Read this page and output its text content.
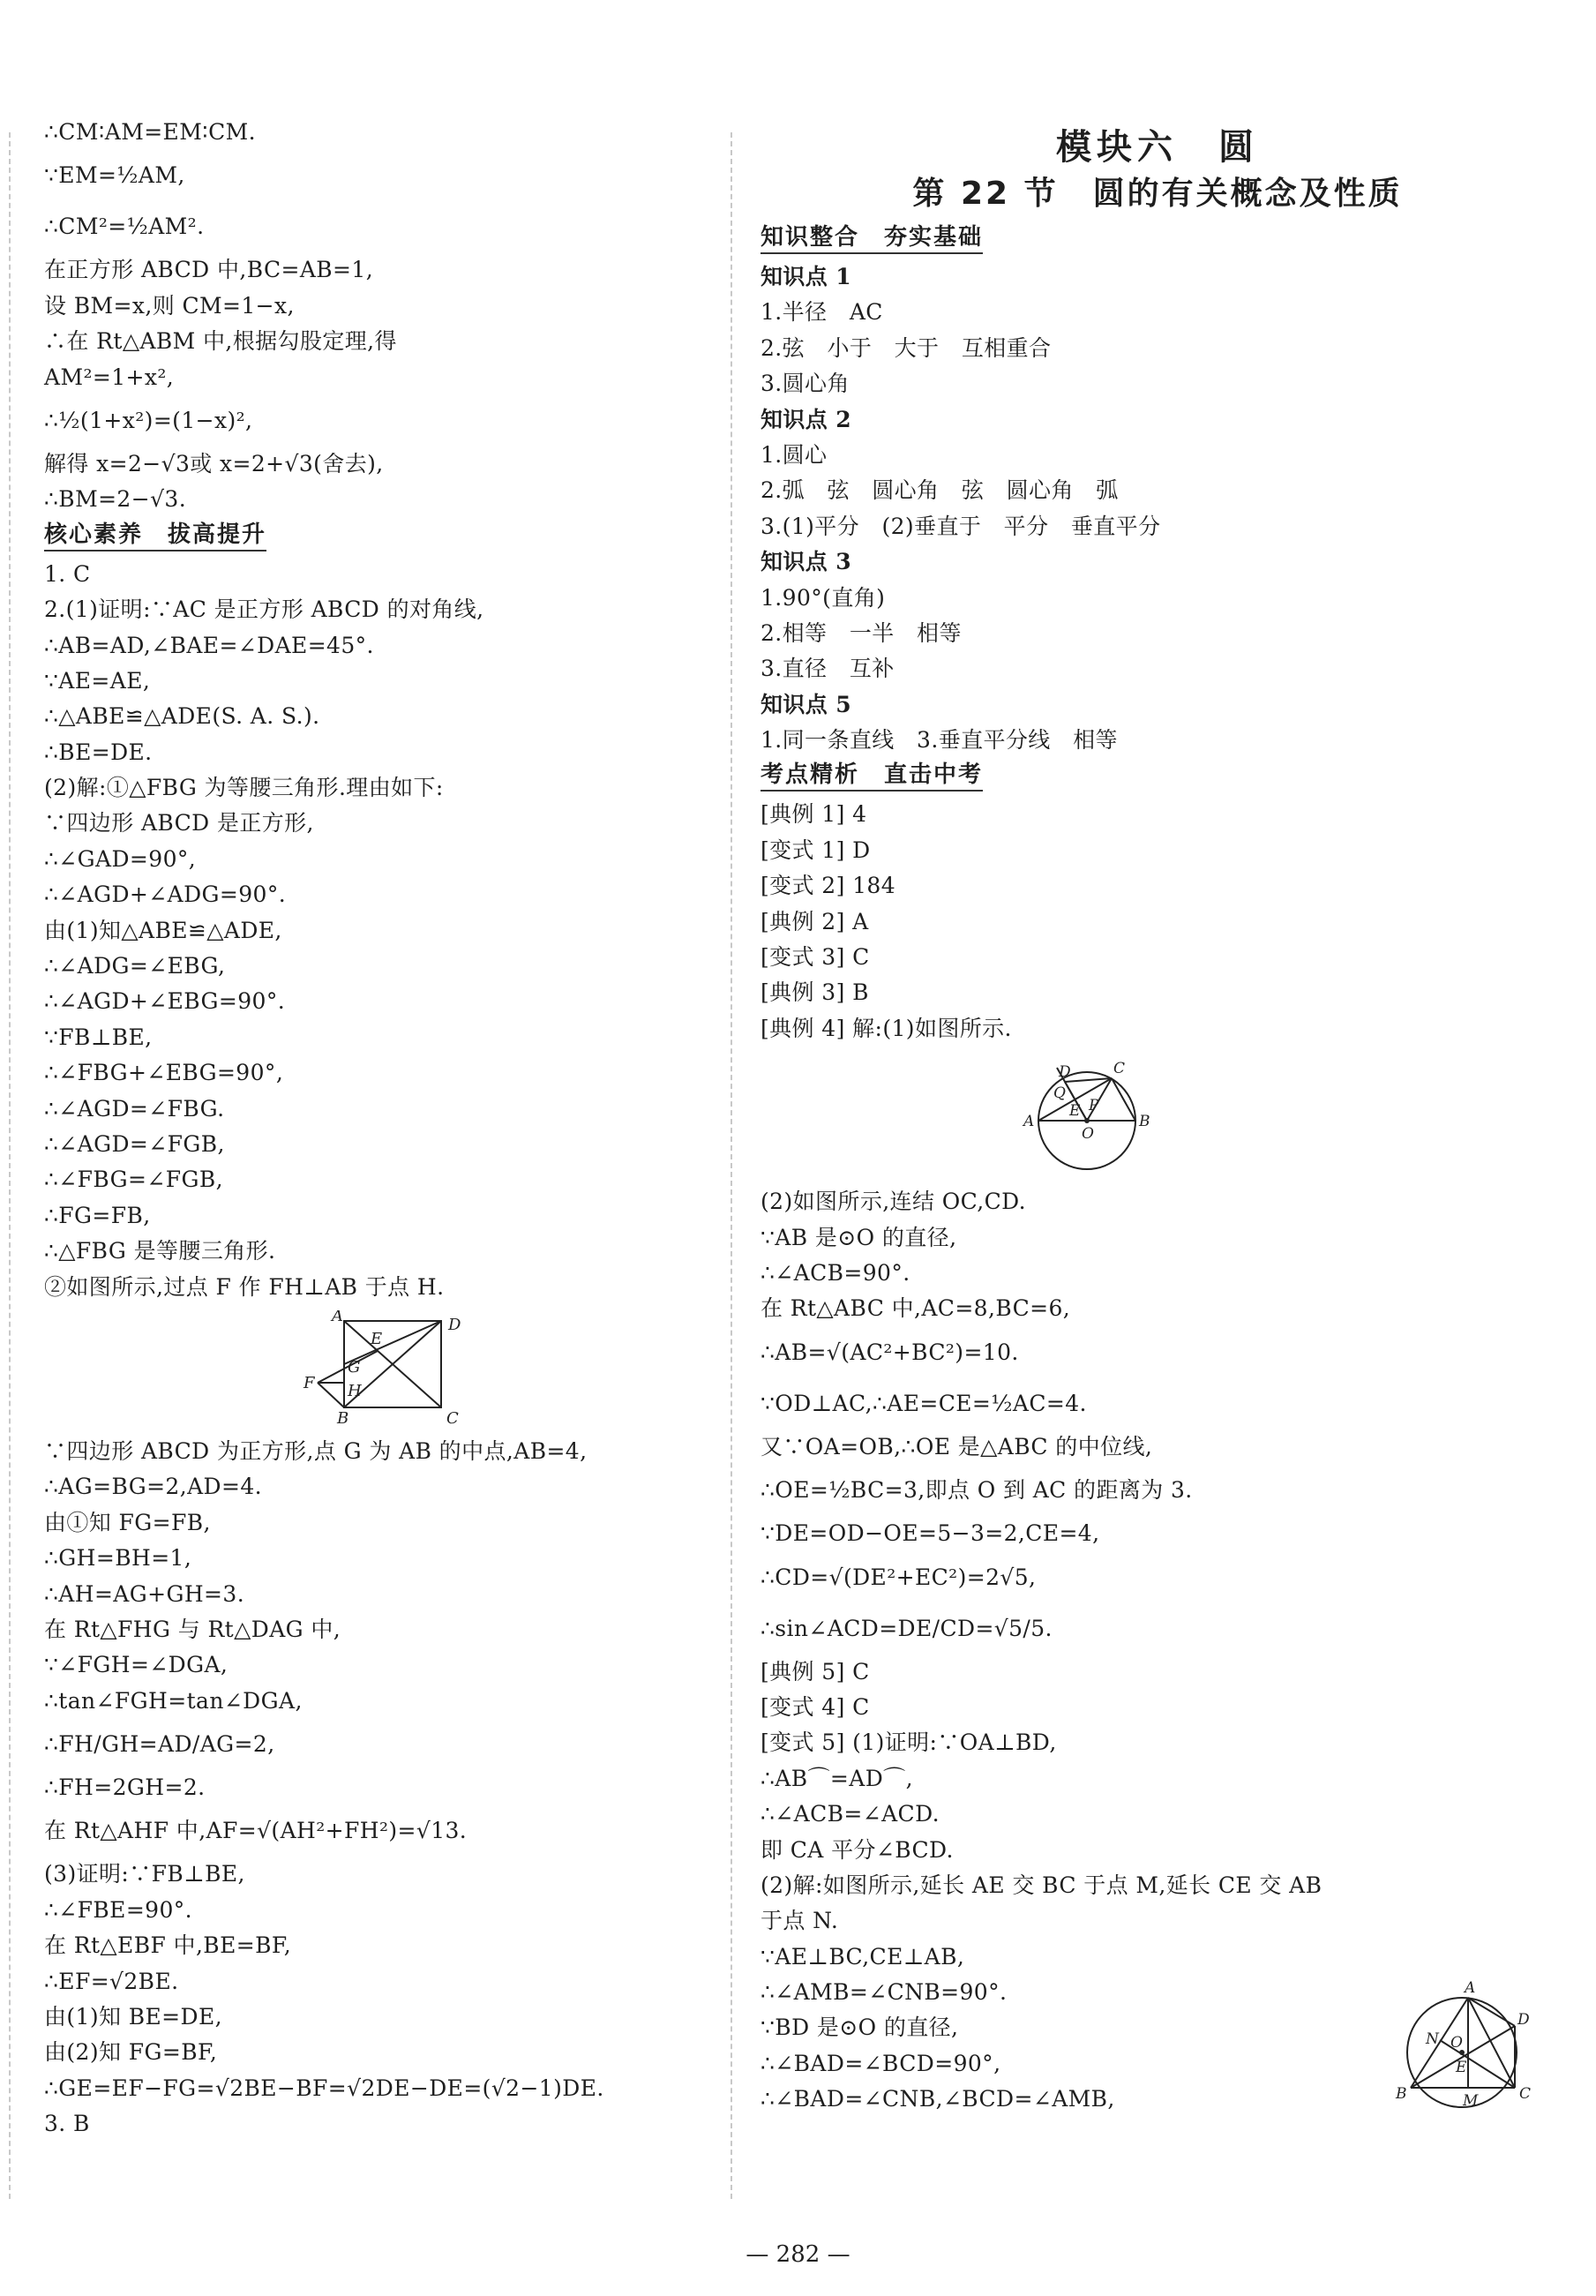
∴CM∶AM=EM∶CM.
∵EM=½AM,
∴CM²=½AM².
在正方形 ABCD 中,BC=AB=1,
设 BM=x,则 CM=1−x,
∴在 Rt△ABM 中,根据勾股定理,得
AM²=1+x²,
∴½(1+x²)=(1−x)²,
解得 x=2−√3或 x=2+√3(舍去),
∴BM=2−√3.
核心素养　拔高提升
1. C
2.(1)证明:∵AC 是正方形 ABCD 的对角线,
∴AB=AD,∠BAE=∠DAE=45°.
∵AE=AE,
∴△ABE≌△ADE(S. A. S.).
∴BE=DE.
(2)解:①△FBG 为等腰三角形.理由如下:
∵四边形 ABCD 是正方形,
∴∠GAD=90°,
∴∠AGD+∠ADG=90°.
由(1)知△ABE≌△ADE,
∴∠ADG=∠EBG,
∴∠AGD+∠EBG=90°.
∵FB⊥BE,
∴∠FBG+∠EBG=90°,
∴∠AGD=∠FBG.
∴∠AGD=∠FGB,
∴∠FBG=∠FGB,
∴FG=FB,
∴△FBG 是等腰三角形.
②如图所示,过点 F 作 FH⊥AB 于点 H.
A
E
D
G
F H
B	C
∵四边形 ABCD 为正方形,点 G 为 AB 的中点,AB=4,
∴AG=BG=2,AD=4.
由①知 FG=FB,
∴GH=BH=1,
∴AH=AG+GH=3.
在 Rt△FHG 与 Rt△DAG 中,
∵∠FGH=∠DGA,
∴tan∠FGH=tan∠DGA,
∴FH/GH=AD/AG=2,
∴FH=2GH=2.
在 Rt△AHF 中,AF=√(AH²+FH²)=√13.
(3)证明:∵FB⊥BE,
∴∠FBE=90°.
在 Rt△EBF 中,BE=BF,
∴EF=√2BE.
由(1)知 BE=DE,
由(2)知 FG=BF,
∴GE=EF−FG=√2BE−BF=√2DE−DE=(√2−1)DE.
3. B
模块六　圆
第 22 节　圆的有关概念及性质
知识整合　夯实基础
知识点 1
1.半径　AC
2.弦　小于　大于　互相重合
3.圆心角
知识点 2
1.圆心
2.弧　弦　圆心角　弦　圆心角　弧
3.(1)平分　(2)垂直于　平分　垂直平分
知识点 3
1.90°(直角)
2.相等　一半　相等
3.直径　互补
知识点 5
1.同一条直线　3.垂直平分线　相等
考点精析　直击中考
[典例 1] 4
[变式 1] D
[变式 2] 184
[典例 2] A
[变式 3] C
[典例 3] B
[典例 4] 解:(1)如图所示.
D	C
Q
E P
A	B
O
(2)如图所示,连结 OC,CD.
∵AB 是⊙O 的直径,
∴∠ACB=90°.
在 Rt△ABC 中,AC=8,BC=6,
∴AB=√(AC²+BC²)=10.
∵OD⊥AC,∴AE=CE=½AC=4.
又∵OA=OB,∴OE 是△ABC 的中位线,
∴OE=½BC=3,即点 O 到 AC 的距离为 3.
∵DE=OD−OE=5−3=2,CE=4,
∴CD=√(DE²+EC²)=2√5,
∴sin∠ACD=DE/CD=√5/5.
[典例 5] C
[变式 4] C
[变式 5] (1)证明:∵OA⊥BD,
∴AB⌒=AD⌒,
∴∠ACB=∠ACD.
即 CA 平分∠BCD.
(2)解:如图所示,延长 AE 交 BC 于点 M,延长 CE 交 AB
于点 N.
∵AE⊥BC,CE⊥AB,
∴∠AMB=∠CNB=90°.
∵BD 是⊙O 的直径,
∴∠BAD=∠BCD=90°,
∴∠BAD=∠CNB,∠BCD=∠AMB,
A
D
N O
E
B	M	C
— 282 —
